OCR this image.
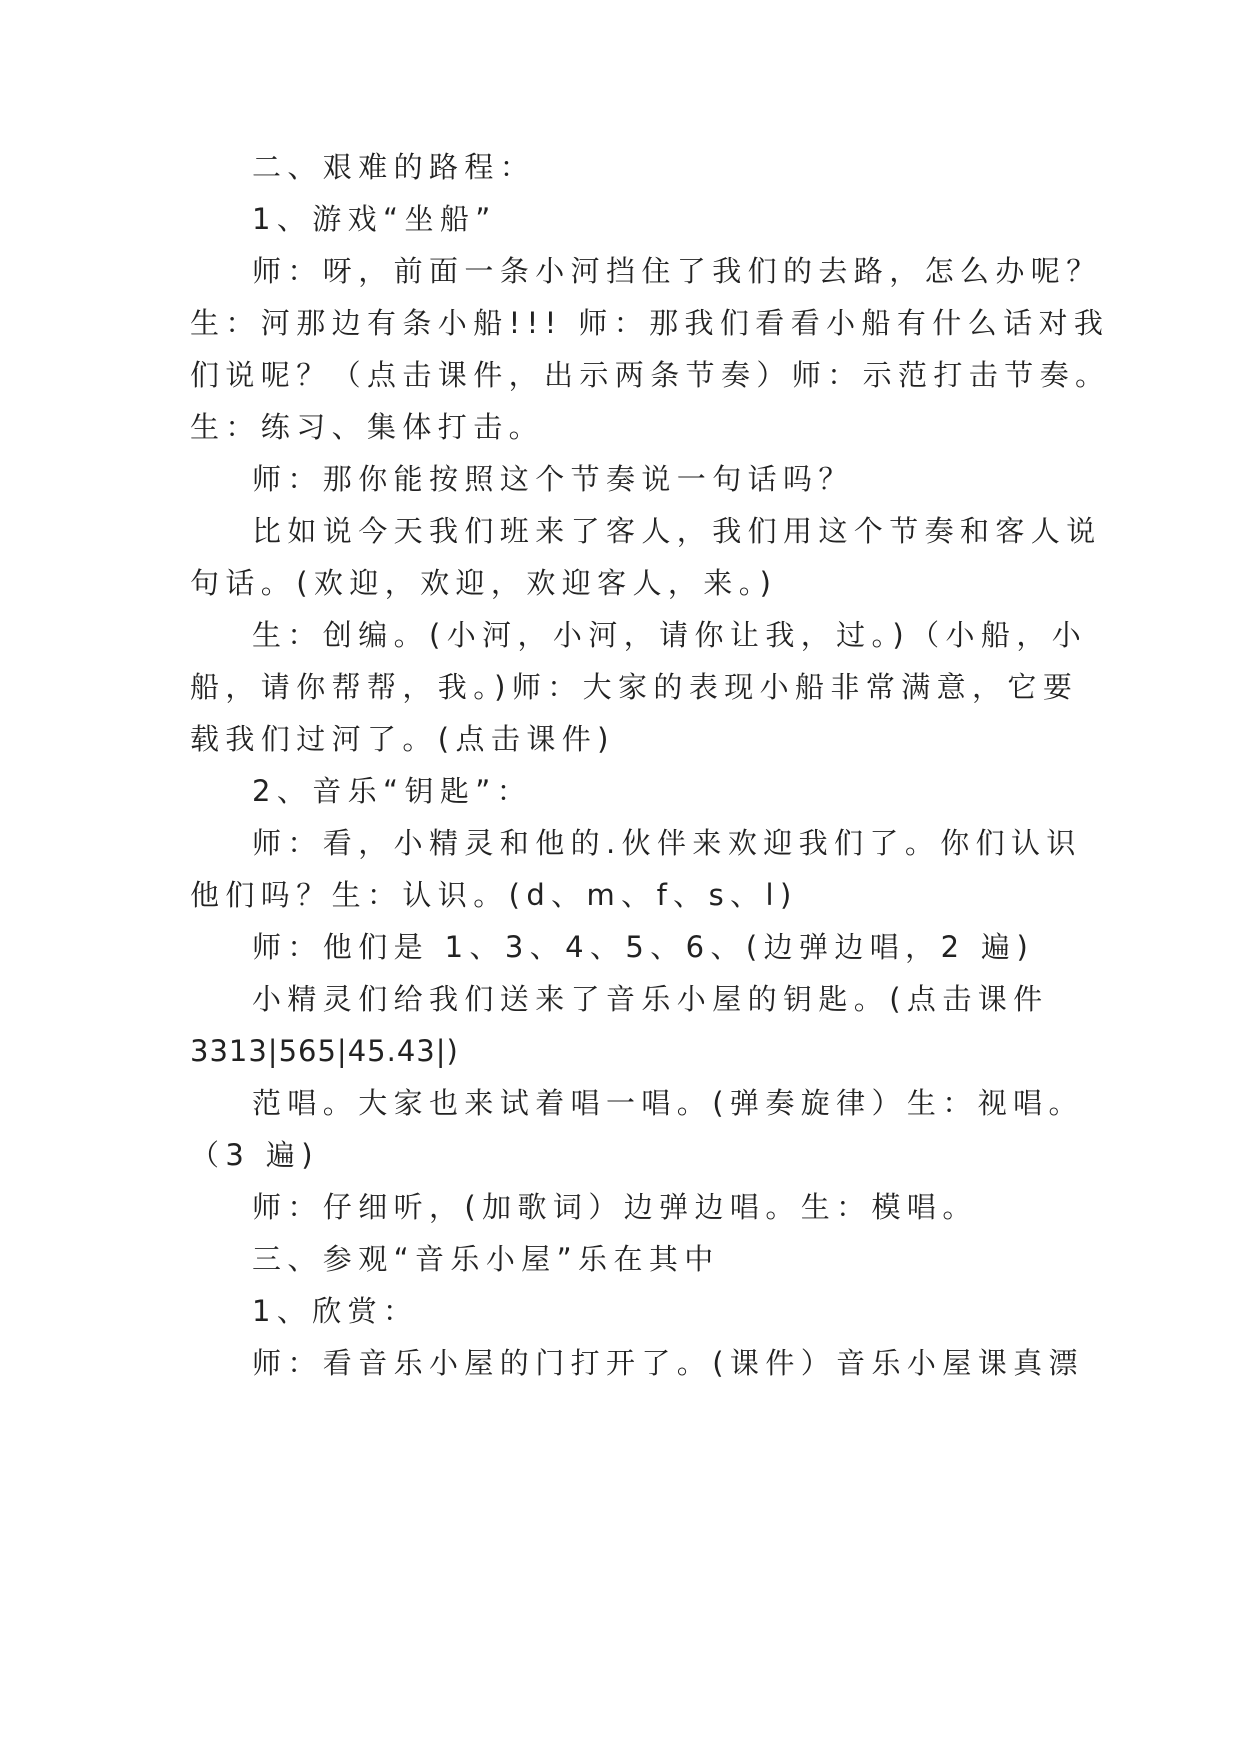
二、艰难的路程：

1、游戏“坐船”

师：呀，前面一条小河挡住了我们的去路，怎么办呢？

生：河那边有条小船!!! 师：那我们看看小船有什么话对我

们说呢？（点击课件，出示两条节奏）师：示范打击节奏。

生：练习、集体打击。

师：那你能按照这个节奏说一句话吗？

比如说今天我们班来了客人，我们用这个节奏和客人说

句话。(欢迎，欢迎，欢迎客人，来。)

生：创编。(小河，小河，请你让我，过。)（小船，小

船，请你帮帮，我。)师：大家的表现小船非常满意，它要

载我们过河了。(点击课件)

2、音乐“钥匙”：

师：看，小精灵和他的.伙伴来欢迎我们了。你们认识

他们吗？生：认识。(d、m、f、s、l)

师：他们是 1、3、4、5、6、(边弹边唱，2 遍)

小精灵们给我们送来了音乐小屋的钥匙。(点击课件

3313|565|45.43|)

范唱。大家也来试着唱一唱。(弹奏旋律）生：视唱。

（3 遍)

师：仔细听，(加歌词）边弹边唱。生：模唱。

三、参观“音乐小屋”乐在其中

1、欣赏：

师：看音乐小屋的门打开了。(课件）音乐小屋课真漂
